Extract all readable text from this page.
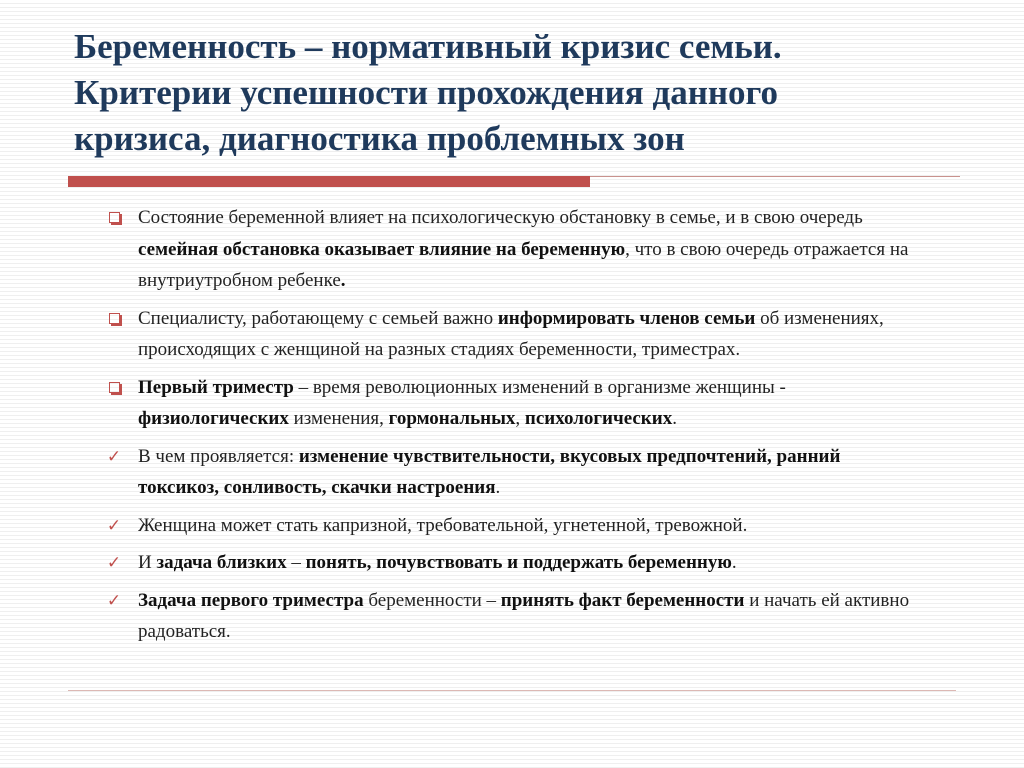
Беременность – нормативный кризис семьи.
Критерии успешности прохождения данного
кризиса, диагностика проблемных зон
Состояние беременной влияет на психологическую обстановку в семье, и в свою очередь семейная обстановка оказывает влияние на беременную, что в свою очередь отражается на внутриутробном ребенке.
Специалисту, работающему с семьей важно информировать членов семьи об изменениях, происходящих с женщиной на разных стадиях беременности, триместрах.
Первый триместр – время революционных изменений в организме женщины - физиологических изменения, гормональных, психологических.
✓ В чем проявляется: изменение чувствительности, вкусовых предпочтений, ранний токсикоз, сонливость, скачки настроения.
✓ Женщина может стать капризной, требовательной, угнетенной, тревожной.
✓ И задача близких – понять, почувствовать и поддержать беременную.
✓ Задача первого триместра беременности – принять факт беременности и начать ей активно радоваться.
